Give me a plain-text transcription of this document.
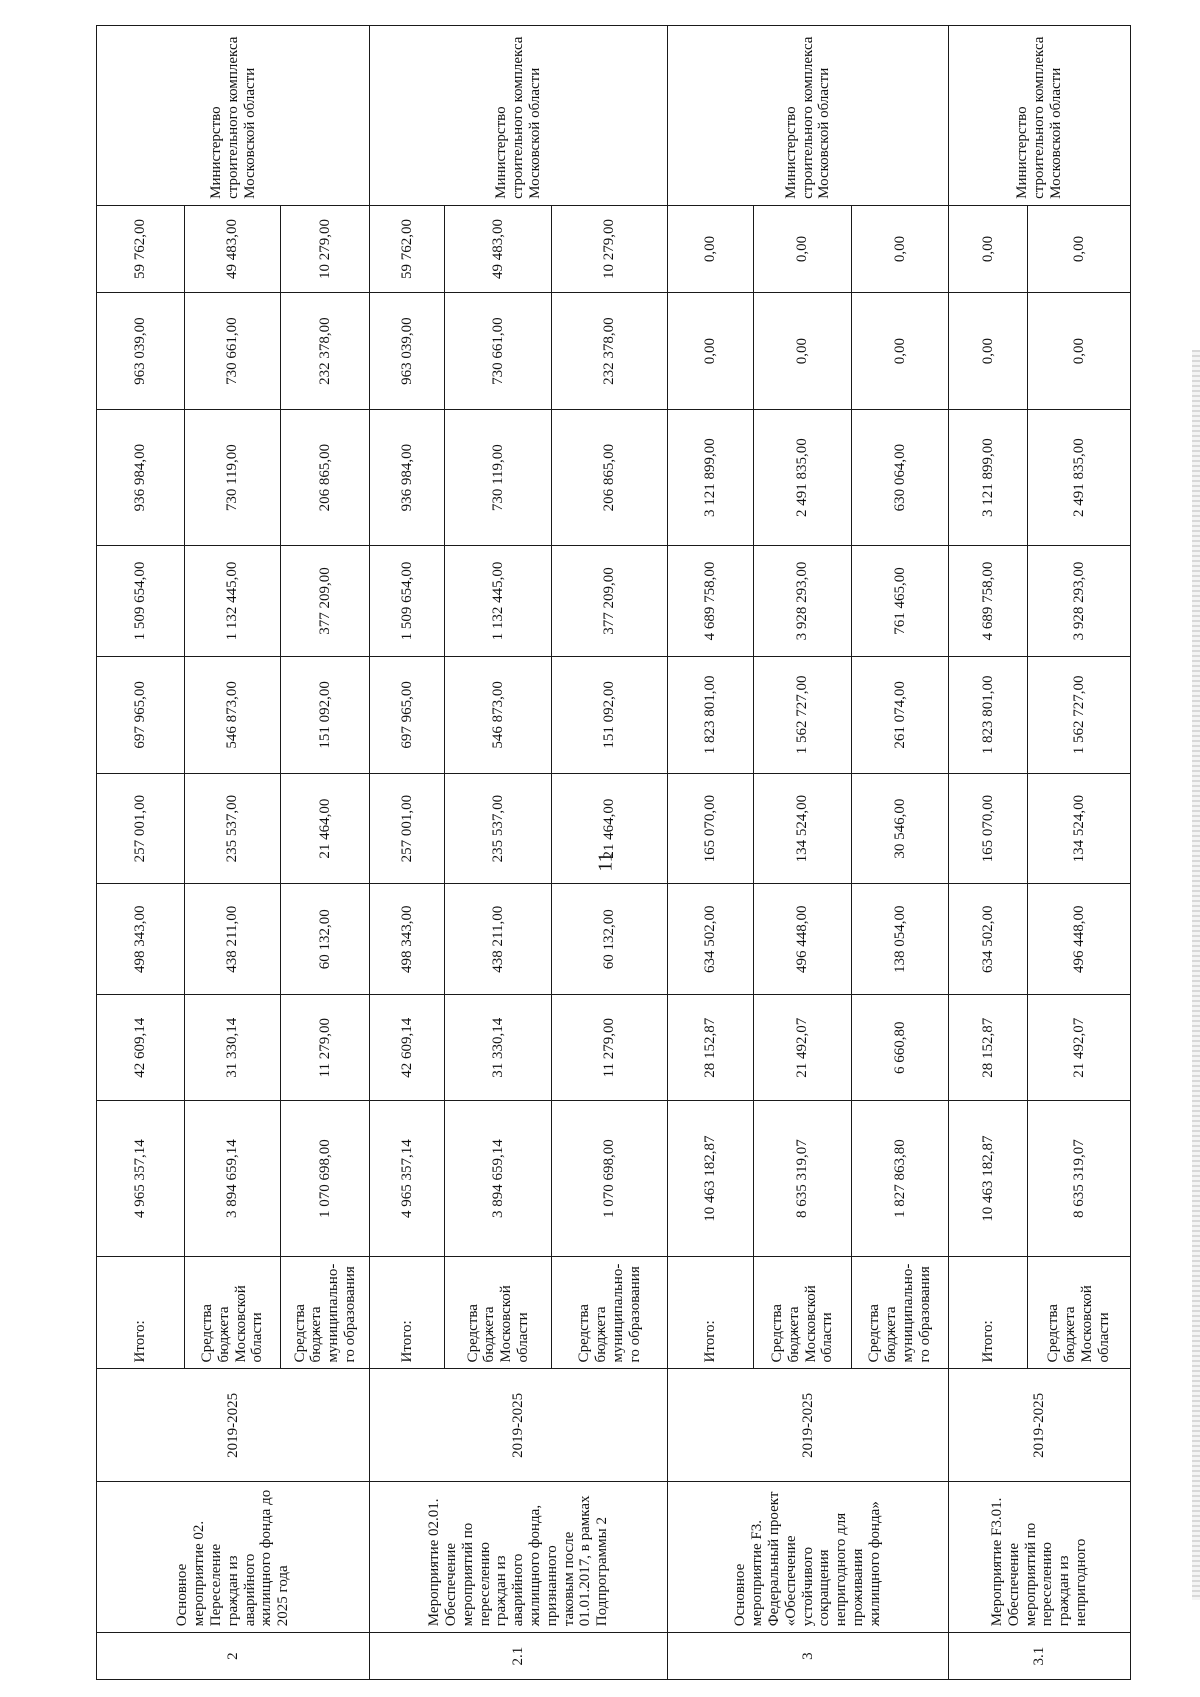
11
2	Основное мероприятие 02. Переселение граждан из аварийного жилищного фонда до 2025 года	2019-2025	Итого:	4 965 357,14	42 609,14	498 343,00	257 001,00	697 965,00	1 509 654,00	936 984,00	963 039,00	59 762,00	Министерство строительного комплекса Московской области
			Средства бюджета Московской области	3 894 659,14	31 330,14	438 211,00	235 537,00	546 873,00	1 132 445,00	730 119,00	730 661,00	49 483,00	
			Средства бюджета муниципально-го образования	1 070 698,00	11 279,00	60 132,00	21 464,00	151 092,00	377 209,00	206 865,00	232 378,00	10 279,00	
2.1	Мероприятие 02.01. Обеспечение мероприятий по переселению граждан из аварийного жилищного фонда, признанного таковым после 01.01.2017, в рамках Подпрограммы 2	2019-2025	Итого:	4 965 357,14	42 609,14	498 343,00	257 001,00	697 965,00	1 509 654,00	936 984,00	963 039,00	59 762,00	Министерство строительного комплекса Московской области
			Средства бюджета Московской области	3 894 659,14	31 330,14	438 211,00	235 537,00	546 873,00	1 132 445,00	730 119,00	730 661,00	49 483,00	
			Средства бюджета муниципально-го образования	1 070 698,00	11 279,00	60 132,00	21 464,00	151 092,00	377 209,00	206 865,00	232 378,00	10 279,00	
3	Основное мероприятие F3. Федеральный проект «Обеспечение устойчивого сокращения непригодного для проживания жилищного фонда»	2019-2025	Итого:	10 463 182,87	28 152,87	634 502,00	165 070,00	1 823 801,00	4 689 758,00	3 121 899,00	0,00	0,00	Министерство строительного комплекса Московской области
			Средства бюджета Московской области	8 635 319,07	21 492,07	496 448,00	134 524,00	1 562 727,00	3 928 293,00	2 491 835,00	0,00	0,00	
			Средства бюджета муниципально-го образования	1 827 863,80	6 660,80	138 054,00	30 546,00	261 074,00	761 465,00	630 064,00	0,00	0,00	
3.1	Мероприятие F3.01. Обеспечение мероприятий по переселению граждан из непригодного	2019-2025	Итого:	10 463 182,87	28 152,87	634 502,00	165 070,00	1 823 801,00	4 689 758,00	3 121 899,00	0,00	0,00	Министерство строительного комплекса Московской области
			Средства бюджета Московской области	8 635 319,07	21 492,07	496 448,00	134 524,00	1 562 727,00	3 928 293,00	2 491 835,00	0,00	0,00	
